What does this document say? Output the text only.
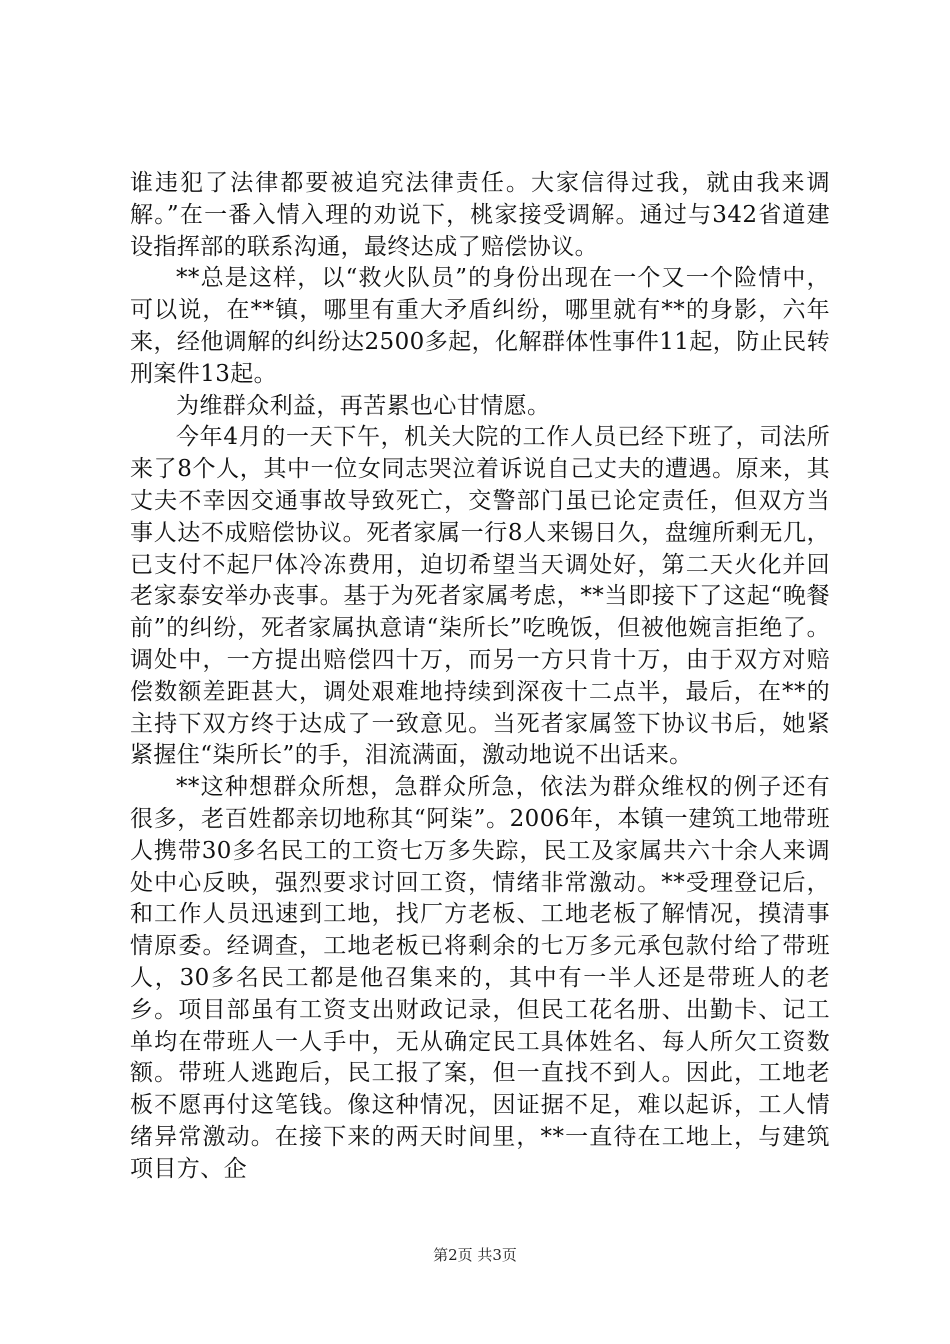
谁违犯了法律都要被追究法律责任。大家信得过我，就由我来调解。”在一番入情入理的劝说下，桃家接受调解。通过与342省道建设指挥部的联系沟通，最终达成了赔偿协议。

**总是这样，以“救火队员”的身份出现在一个又一个险情中，可以说，在**镇，哪里有重大矛盾纠纷，哪里就有**的身影，六年来，经他调解的纠纷达2500多起，化解群体性事件11起，防止民转刑案件13起。

为维群众利益，再苦累也心甘情愿。

今年4月的一天下午，机关大院的工作人员已经下班了，司法所来了8个人，其中一位女同志哭泣着诉说自己丈夫的遭遇。原来，其丈夫不幸因交通事故导致死亡，交警部门虽已论定责任，但双方当事人达不成赔偿协议。死者家属一行8人来锡日久，盘缠所剩无几，已支付不起尸体冷冻费用，迫切希望当天调处好，第二天火化并回老家泰安举办丧事。基于为死者家属考虑，**当即接下了这起“晚餐前”的纠纷，死者家属执意请“柒所长”吃晚饭，但被他婉言拒绝了。调处中，一方提出赔偿四十万，而另一方只肯十万，由于双方对赔偿数额差距甚大，调处艰难地持续到深夜十二点半，最后，在**的主持下双方终于达成了一致意见。当死者家属签下协议书后，她紧紧握住“柒所长”的手，泪流满面，激动地说不出话来。

**这种想群众所想，急群众所急，依法为群众维权的例子还有很多，老百姓都亲切地称其“阿柒”。2006年，本镇一建筑工地带班人携带30多名民工的工资七万多失踪，民工及家属共六十余人来调处中心反映，强烈要求讨回工资，情绪非常激动。**受理登记后，和工作人员迅速到工地，找厂方老板、工地老板了解情况，摸清事情原委。经调查，工地老板已将剩余的七万多元承包款付给了带班人，30多名民工都是他召集来的，其中有一半人还是带班人的老乡。项目部虽有工资支出财政记录，但民工花名册、出勤卡、记工单均在带班人一人手中，无从确定民工具体姓名、每人所欠工资数额。带班人逃跑后，民工报了案，但一直找不到人。因此，工地老板不愿再付这笔钱。像这种情况，因证据不足，难以起诉，工人情绪异常激动。在接下来的两天时间里，**一直待在工地上，与建筑项目方、企

第2页 共3页
